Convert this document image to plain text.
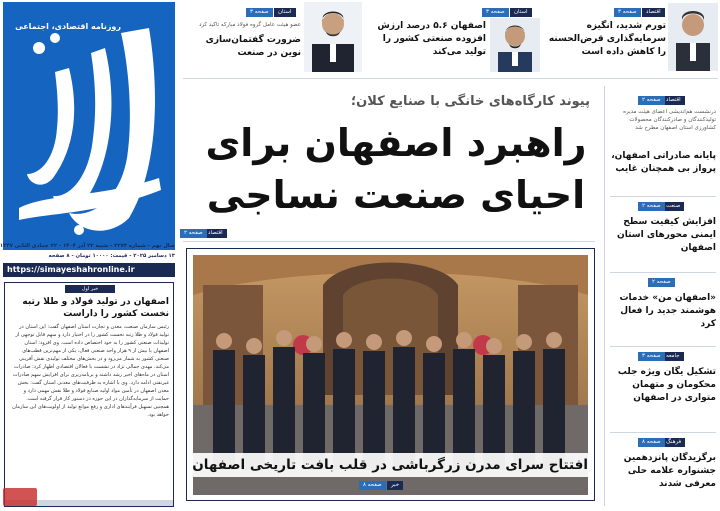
روزنامه اقتصادی، اجتماعی
سال نهم - شماره ۲۲۷۳ - شنبه ۲۲ آذر ۱۴۰۴ - ۲۲ جمادی الثانی ۱۴۴۷
۱۳ دسامبر ۲۰۲۵ - قیمت: ۱۰۰۰۰ تومان - ۸ صفحه
https://simayeshahronline.ir
خبر اول
اصفهان در تولید فولاد و طلا رتبه نخست کشور را داراست
رئیس سازمان صنعت، معدن و تجارت استان اصفهان گفت: این استان در تولید فولاد و طلا رتبه نخست کشور را در اختیار دارد و سهم قابل توجهی از تولیدات صنعتی کشور را به خود اختصاص داده است. وی افزود: استان اصفهان با بیش از ۹ هزار واحد صنعتی فعال، یکی از مهم‌ترین قطب‌های صنعتی کشور به شمار می‌رود و در بخش‌های مختلف تولیدی نقش آفرینی می‌کند. مهدی جمالی نژاد در نشست با فعالان اقتصادی اظهار کرد: صادرات استان در ماه‌های اخیر رشد داشته و برنامه‌ریزی برای افزایش سهم صادرات غیرنفتی ادامه دارد. وی با اشاره به ظرفیت‌های معدنی استان گفت: بخش معدن اصفهان در تأمین مواد اولیه صنایع فولاد و طلا نقش مهمی دارد و حمایت از سرمایه‌گذاران در این حوزه در دستور کار قرار گرفته است. همچنین تسهیل فرآیندهای اداری و رفع موانع تولید از اولویت‌های این سازمان خواهد بود.
اقتصاد
صفحه ۳
تورم شدید، انگیزه سرمایه‌گذاری قرض‌الحسنه را کاهش داده است
استان
صفحه ۳
اصفهان ۵.۶ درصد ارزش افزوده صنعتی کشور را تولید می‌کند
استان
صفحه ۳
عضو هیئت عامل گروه فولاد مبارکه تاکید کرد
ضرورت گفتمان‌سازی نوین در صنعت
پیوند کارگاه‌های خانگی با صنایع کلان؛
راهبرد اصفهان برای
احیای صنعت نساجی
اقتصاد
صفحه ۲
افتتاح سرای مدرن زرگرباشی در قلب بافت تاریخی اصفهان
خبر
صفحه ۸
اقتصاد
صفحه ۲
درنشست هم‌اندیشی اعضای هیئت مدیره تولیدکنندگان و صادرکنندگان محصولات کشاورزی استان اصفهان مطرح شد
پایانه صادراتی اصفهان، پرواز بی همچنان غایب
صنعت
صفحه ۲
افزایش کیفیت سطح ایمنی محورهای استان اصفهان
صفحه ۲
«اصفهان من» خدمات هوشمند جدید را فعال کرد
جامعه
صفحه ۳
تشکیل یگان ویژه جلب محکومان و متهمان متواری در اصفهان
فرهنگ
صفحه ۸
برگزیدگان پانزدهمین جشنواره علامه حلی معرفی شدند
